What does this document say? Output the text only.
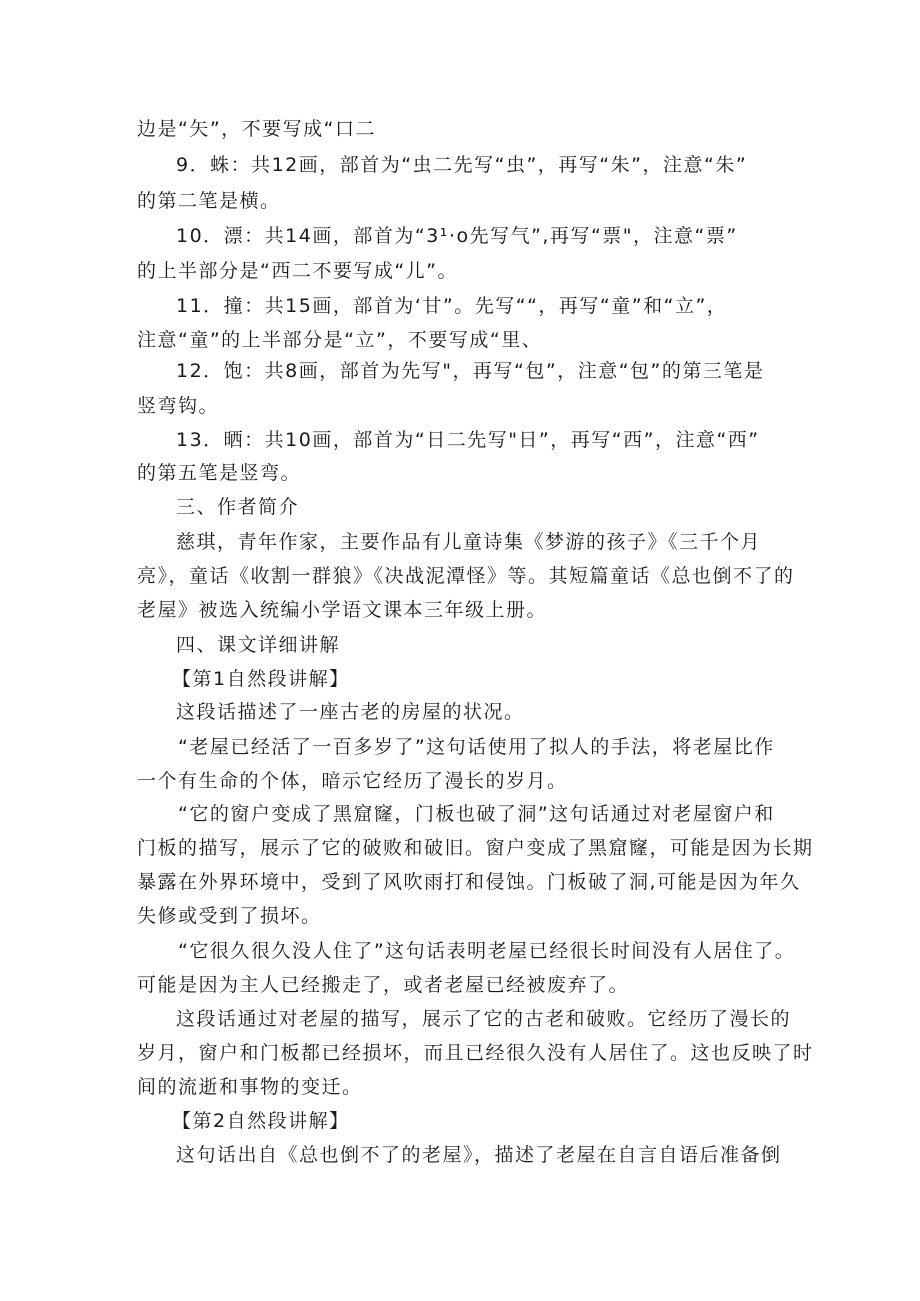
边是“矢”，不要写成“口二
9．蛛：共12画，部首为“虫二先写“虫”，再写“朱”，注意“朱”
的第二笔是横。
10．漂：共14画，部首为“3¹·o先写气”,再写“票"，注意“票”
的上半部分是“西二不要写成“儿”。
11．撞：共15画，部首为‘甘”。先写““，再写“童”和“立”，
注意“童”的上半部分是“立”，不要写成“里、
12．饱：共8画，部首为先写"，再写“包”，注意“包”的第三笔是
竖弯钩。
13．晒：共10画，部首为“日二先写"日”，再写“西”，注意“西”
的第五笔是竖弯。
三、作者简介
慈琪，青年作家，主要作品有儿童诗集《梦游的孩子》《三千个月
亮》，童话《收割一群狼》《决战泥潭怪》等。其短篇童话《总也倒不了的
老屋》被选入统编小学语文课本三年级上册。
四、课文详细讲解
【第1自然段讲解】
这段话描述了一座古老的房屋的状况。
“老屋已经活了一百多岁了”这句话使用了拟人的手法，将老屋比作
一个有生命的个体，暗示它经历了漫长的岁月。
“它的窗户变成了黑窟窿，门板也破了洞”这句话通过对老屋窗户和
门板的描写，展示了它的破败和破旧。窗户变成了黑窟窿，可能是因为长期
暴露在外界环境中，受到了风吹雨打和侵蚀。门板破了洞,可能是因为年久
失修或受到了损坏。
“它很久很久没人住了”这句话表明老屋已经很长时间没有人居住了。
可能是因为主人已经搬走了，或者老屋已经被废弃了。
这段话通过对老屋的描写，展示了它的古老和破败。它经历了漫长的
岁月，窗户和门板都已经损坏，而且已经很久没有人居住了。这也反映了时
间的流逝和事物的变迁。
【第2自然段讲解】
这句话出自《总也倒不了的老屋》，描述了老屋在自言自语后准备倒
